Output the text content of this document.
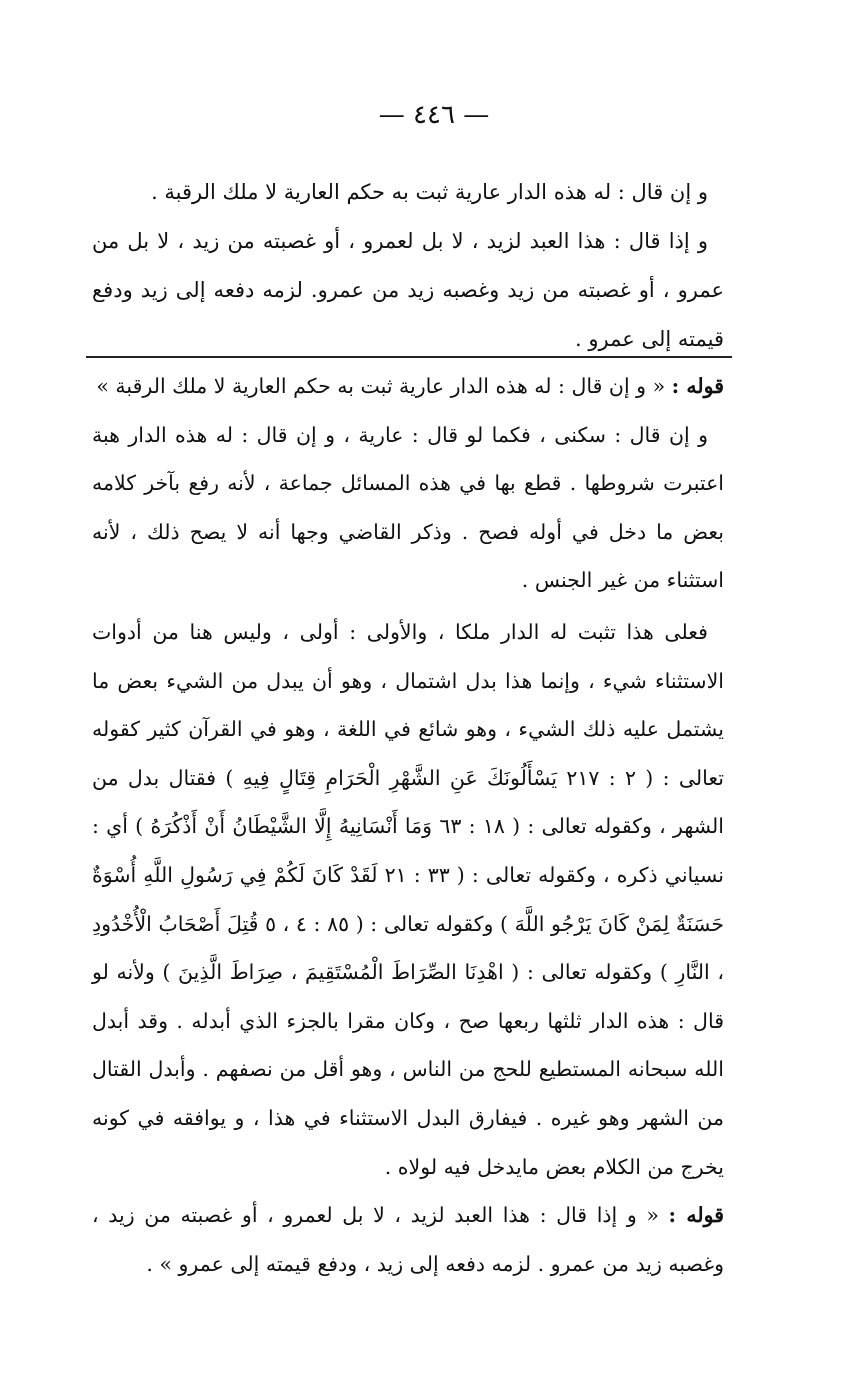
— ٤٤٦ —

و إن قال : له هذه الدار عارية ثبت به حكم العارية لا ملك الرقبة .

و إذا قال : هذا العبد لزيد ، لا بل لعمرو ، أو غصبته من زيد ، لا بل من عمرو ، أو غصبته من زيد وغصبه زيد من عمرو. لزمه دفعه إلى زيد ودفع قيمته إلى عمرو .

قوله : « و إن قال : له هذه الدار عارية ثبت به حكم العارية لا ملك الرقبة »

و إن قال : سكنى ، فكما لو قال : عارية ، و إن قال : له هذه الدار هبة اعتبرت شروطها . قطع بها في هذه المسائل جماعة ، لأنه رفع بآخر كلامه بعض ما دخل في أوله فصح . وذكر القاضي وجها أنه لا يصح ذلك ، لأنه استثناء من غير الجنس .

فعلى هذا تثبت له الدار ملكا ، والأولى : أولى ، وليس هنا من أدوات الاستثناء شيء ، وإنما هذا بدل اشتمال ، وهو أن يبدل من الشيء بعض ما يشتمل عليه ذلك الشيء ، وهو شائع في اللغة ، وهو في القرآن كثير كقوله تعالى : ( ٢ : ٢١٧ يَسْأَلُونَكَ عَنِ الشَّهْرِ الْحَرَامِ قِتَالٍ فِيهِ ) فقتال بدل من الشهر ، وكقوله تعالى : ( ١٨ : ٦٣ وَمَا أَنْسَانِيهُ إِلَّا الشَّيْطَانُ أَنْ أَذْكُرَهُ ) أي : نسياني ذكره ، وكقوله تعالى : ( ٣٣ : ٢١ لَقَدْ كَانَ لَكُمْ فِي رَسُولِ اللَّهِ أُسْوَةٌ حَسَنَةٌ لِمَنْ كَانَ يَرْجُو اللَّهَ ) وكقوله تعالى : ( ٨٥ : ٤ ، ٥ قُتِلَ أَصْحَابُ الْأُخْدُودِ ، النَّارِ ) وكقوله تعالى : ( اهْدِنَا الصِّرَاطَ الْمُسْتَقِيمَ ، صِرَاطَ الَّذِينَ ) ولأنه لو قال : هذه الدار ثلثها ربعها صح ، وكان مقرا بالجزء الذي أبدله . وقد أبدل الله سبحانه المستطيع للحج من الناس ، وهو أقل من نصفهم . وأبدل القتال من الشهر وهو غيره . فيفارق البدل الاستثناء في هذا ، و يوافقه في كونه يخرج من الكلام بعض مايدخل فيه لولاه .

قوله : « و إذا قال : هذا العبد لزيد ، لا بل لعمرو ، أو غصبته من زيد ، وغصبه زيد من عمرو . لزمه دفعه إلى زيد ، ودفع قيمته إلى عمرو » .
